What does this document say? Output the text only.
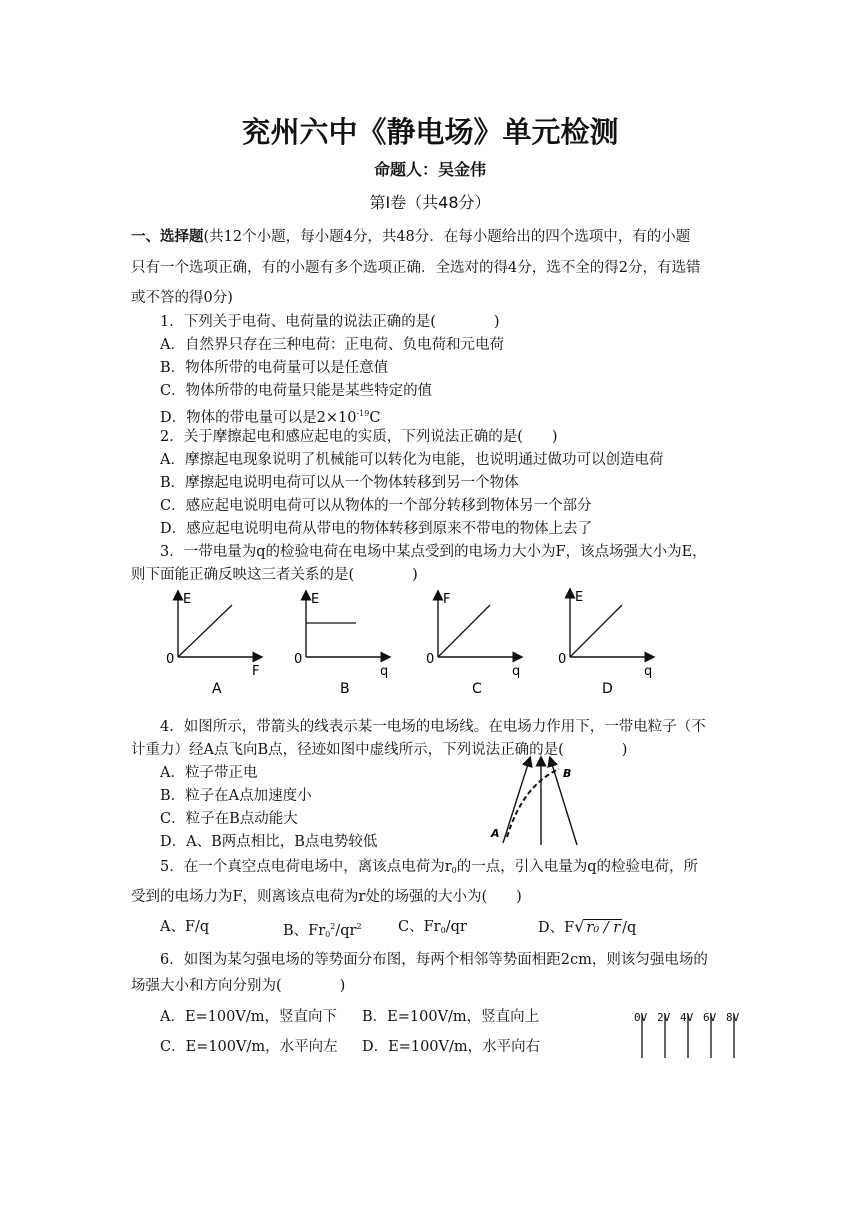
兖州六中《静电场》单元检测
命题人：吴金伟
第Ⅰ卷（共48分）
一、选择题(共12个小题，每小题4分，共48分．在每小题给出的四个选项中，有的小题
只有一个选项正确，有的小题有多个选项正确．全选对的得4分，选不全的得2分，有选错
或不答的得0分)
1．下列关于电荷、电荷量的说法正确的是(　　　　)
A．自然界只存在三种电荷：正电荷、负电荷和元电荷
B．物体所带的电荷量可以是任意值
C．物体所带的电荷量只能是某些特定的值
D．物体的带电量可以是$2\times 10^{-19}C$
2．关于摩擦起电和感应起电的实质，下列说法正确的是(　　)
A．摩擦起电现象说明了机械能可以转化为电能，也说明通过做功可以创造电荷
B．摩擦起电说明电荷可以从一个物体转移到另一个物体
C．感应起电说明电荷可以从物体的一个部分转移到物体另一个部分
D．感应起电说明电荷从带电的物体转移到原来不带电的物体上去了
3．一带电量为q的检验电荷在电场中某点受到的电场力大小为F，该点场强大小为E，
则下面能正确反映这三者关系的是(　　　　)
E
F
0
A
E
q
0
B
F
q
0
C
E
q
0
D
4．如图所示，带箭头的线表示某一电场的电场线。在电场力作用下，一带电粒子（不
计重力）经A点飞向B点，径迹如图中虚线所示，下列说法正确的是(　　　　)
A．粒子带正电
B．粒子在A点加速度小
C．粒子在B点动能大
D．A、B两点相比，B点电势较低
A
B
5．在一个真空点电荷电场中，离该点电荷为$r_0$的一点，引入电量为q的检验电荷，所
受到的电场力为F，则离该点电荷为r处的场强的大小为(　　)
A、F/q	B、$Fr_0^2/qr^2$	C、$Fr_0/qr$	D、F√ r₀ / r /q
6．如图为某匀强电场的等势面分布图，每两个相邻等势面相距2cm，则该匀强电场的
场强大小和方向分别为(　　　　)
A．E=100V/m，竖直向下 B．E=100V/m，竖直向上
C．E=100V/m，水平向左 D．E=100V/m，水平向右
0V 2V 4V 6V 8V
